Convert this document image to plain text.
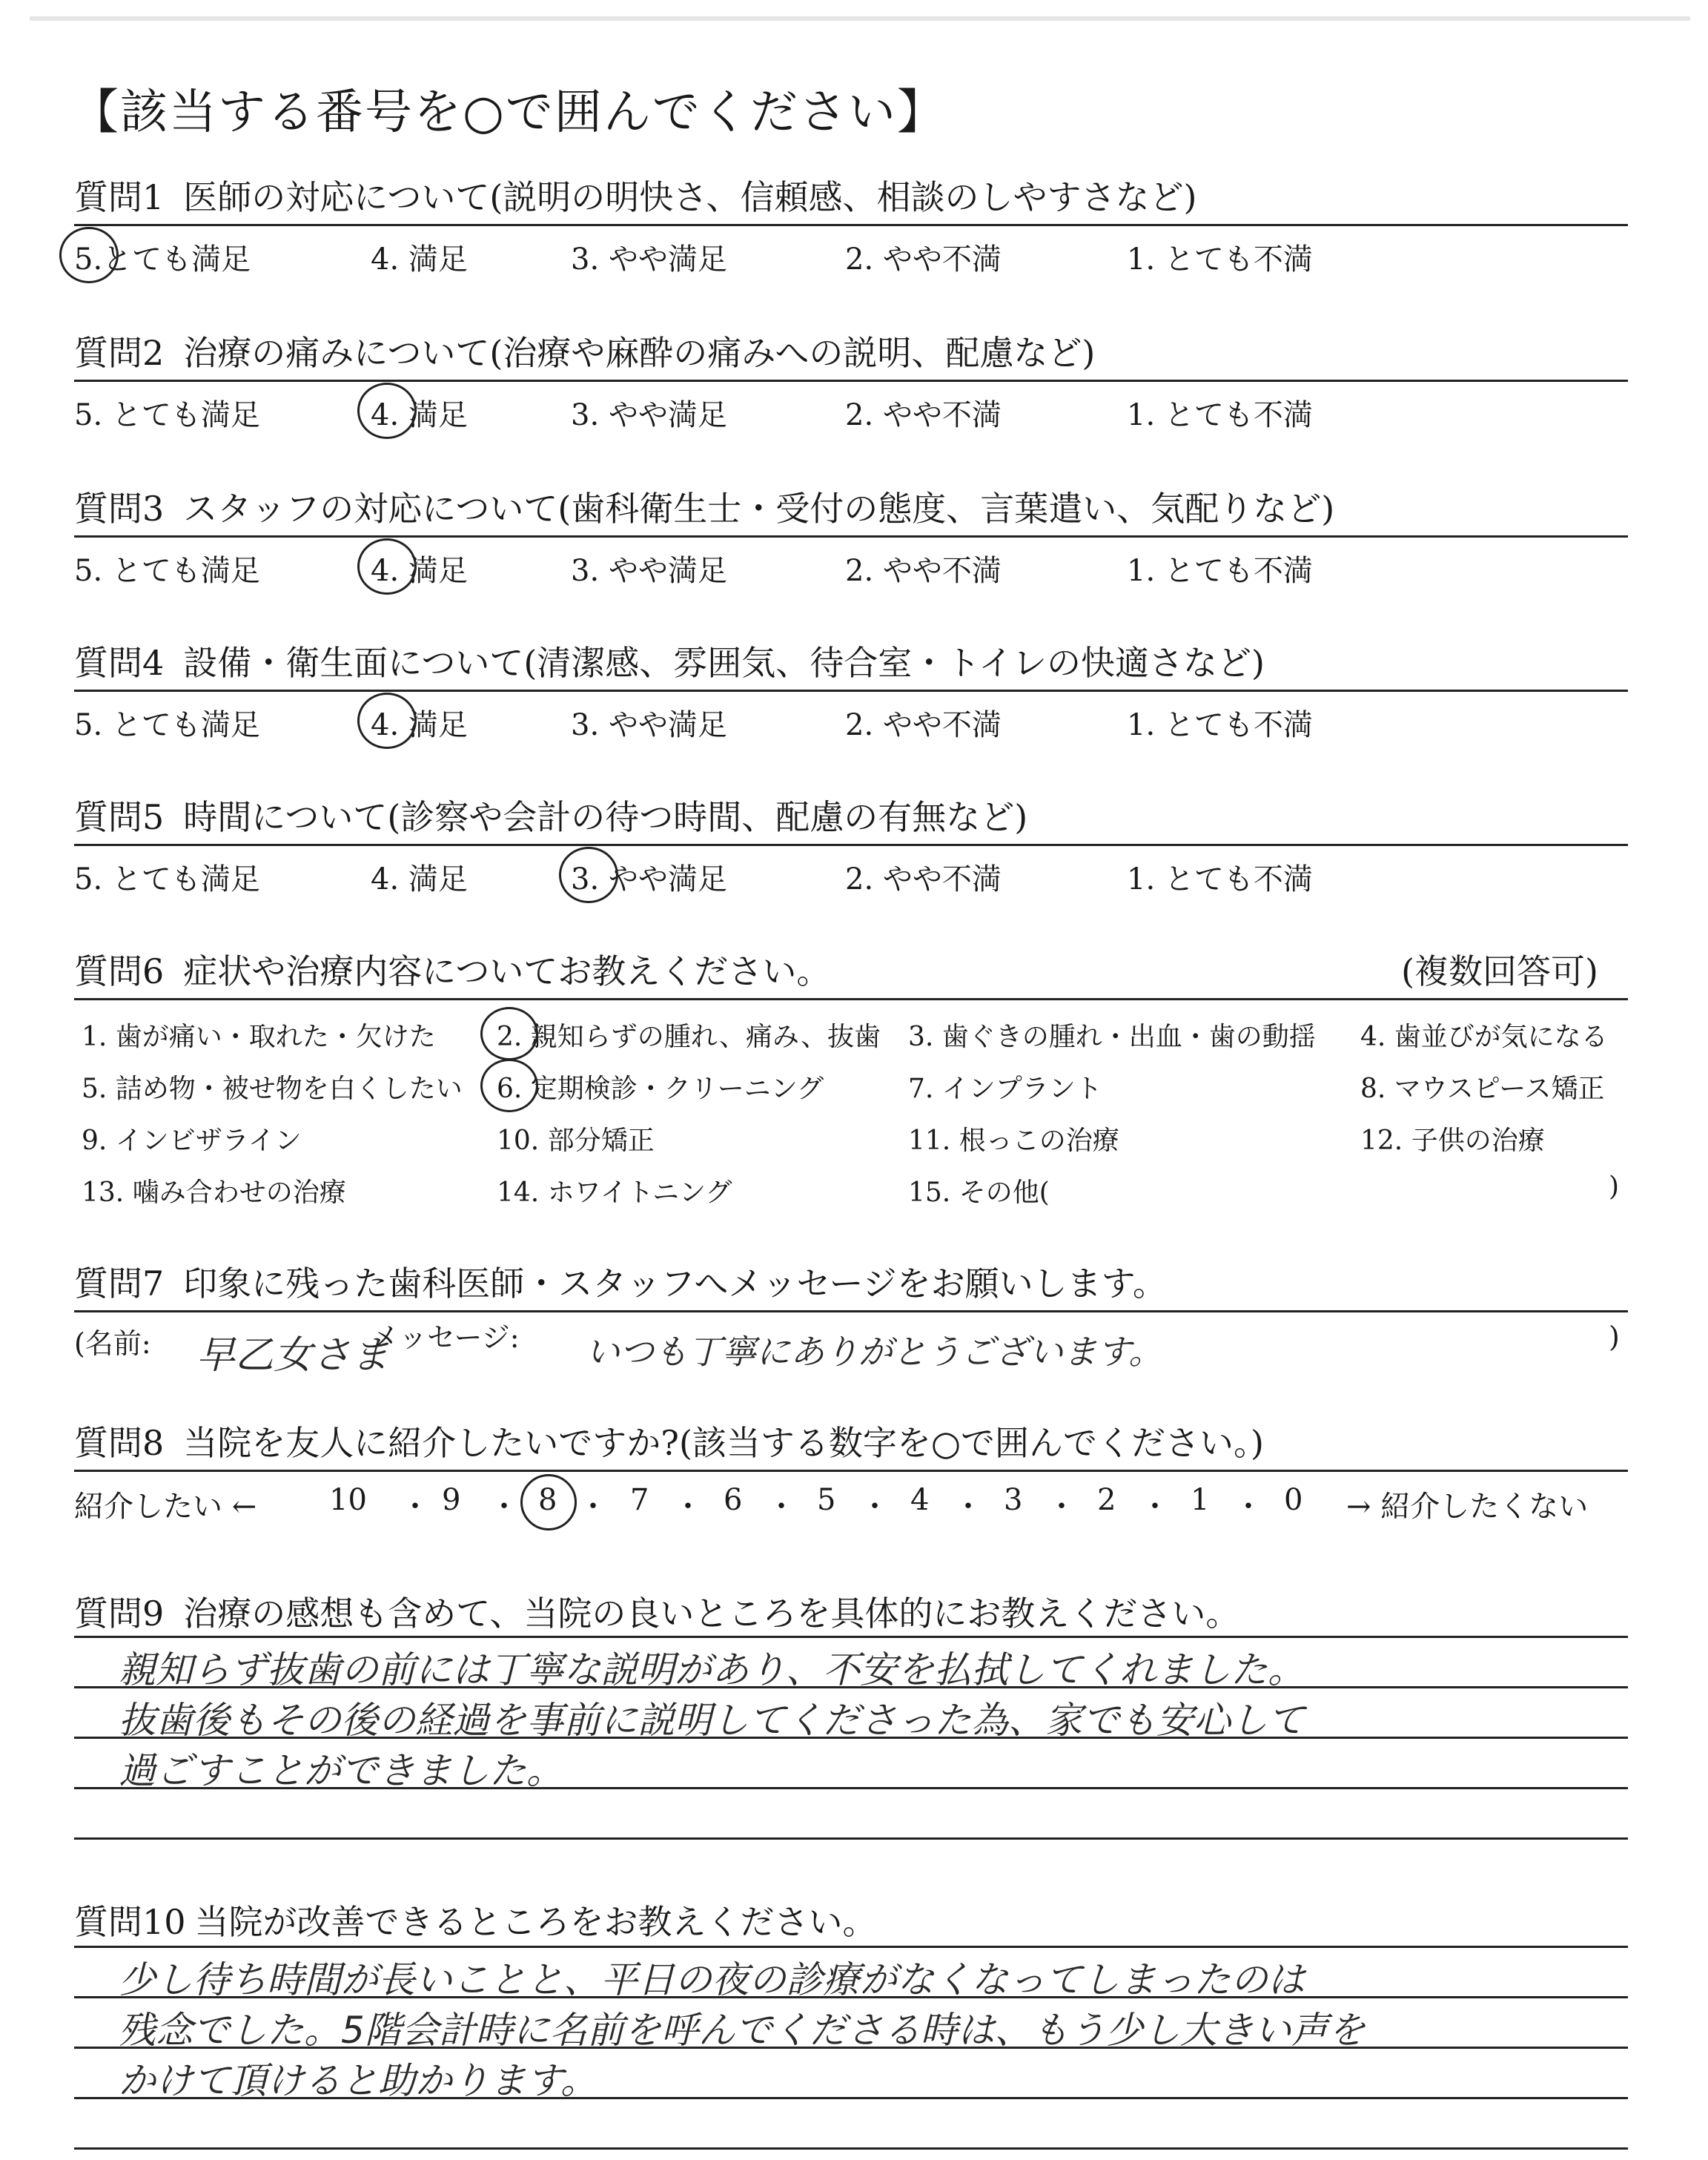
【該当する番号を○で囲んでください】
質問1 医師の対応について(説明の明快さ、信頼感、相談のしやすさなど)
5.とても満足	4. 満足	3. やや満足	2. やや不満	1. とても不満
質問2 治療の痛みについて(治療や麻酔の痛みへの説明、配慮など)
5. とても満足	4. 満足	3. やや満足	2. やや不満	1. とても不満
質問3 スタッフの対応について(歯科衛生士・受付の態度、言葉遣い、気配りなど)
5. とても満足	4. 満足	3. やや満足	2. やや不満	1. とても不満
質問4 設備・衛生面について(清潔感、雰囲気、待合室・トイレの快適さなど)
5. とても満足	4. 満足	3. やや満足	2. やや不満	1. とても不満
質問5 時間について(診察や会計の待つ時間、配慮の有無など)
5. とても満足	4. 満足	3. やや満足	2. やや不満	1. とても不満
質問6 症状や治療内容についてお教えください。	(複数回答可)
1. 歯が痛い・取れた・欠けた 2. 親知らずの腫れ、痛み、抜歯 3. 歯ぐきの腫れ・出血・歯の動揺 4. 歯並びが気になる
5. 詰め物・被せ物を白くしたい 6. 定期検診・クリーニング	7. インプラント	8. マウスピース矯正
9. インビザライン	10. 部分矯正	11. 根っこの治療	12. 子供の治療
13. 噛み合わせの治療	14. ホワイトニング	15. その他(	)
質問7 印象に残った歯科医師・スタッフへメッセージをお願いします。
(名前: 早乙女さま
メッセージ: いつも丁寧にありがとうございます。	)
質問8 当院を友人に紹介したいですか?(該当する数字を○で囲んでください。)
紹介したい ← 10 ・ 9 ・ 8 ・ 7 ・ 6 ・ 5 ・ 4 ・ 3 ・ 2 ・ 1 ・ 0 → 紹介したくない
質問9 治療の感想も含めて、当院の良いところを具体的にお教えください。
親知らず抜歯の前には丁寧な説明があり、不安を払拭してくれました。
抜歯後もその後の経過を事前に説明してくださった為、家でも安心して
過ごすことができました。
質問10 当院が改善できるところをお教えください。
少し待ち時間が長いことと、平日の夜の診療がなくなってしまったのは
残念でした。5階会計時に名前を呼んでくださる時は、もう少し大きい声を
かけて頂けると助かります。
